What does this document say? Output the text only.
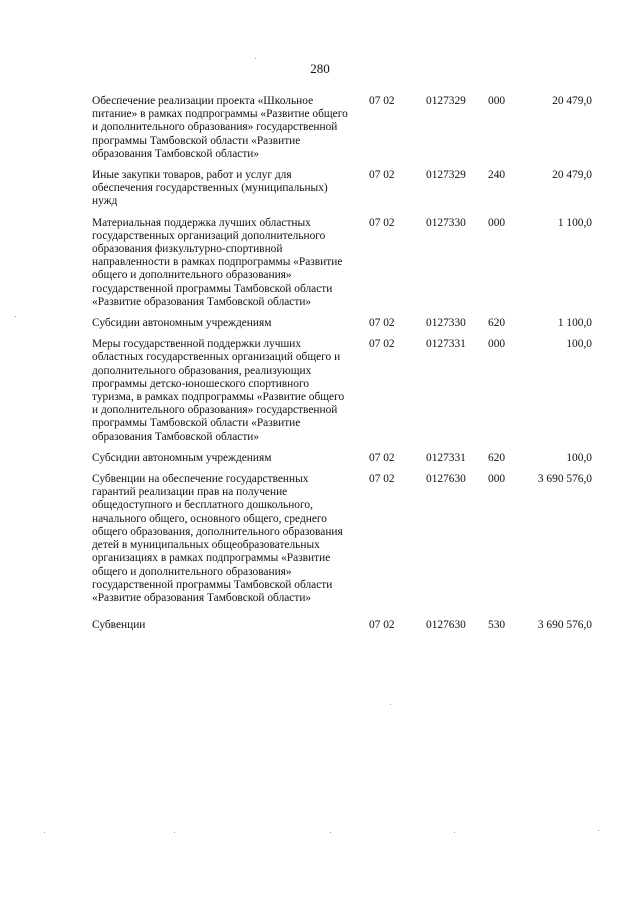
280
Обеспечение реализации проекта «Школьное питание» в рамках подпрограммы «Развитие общего и дополнительного образования» государственной программы Тамбовской области «Развитие образования Тамбовской области»	07 02	0127329	000	20 479,0
Иные закупки товаров, работ и услуг для обеспечения государственных (муниципальных) нужд	07 02	0127329	240	20 479,0
Материальная поддержка лучших областных государственных организаций дополнительного образования физкультурно-спортивной направленности в рамках подпрограммы «Развитие общего и дополнительного образования» государственной программы Тамбовской области «Развитие образования Тамбовской области»	07 02	0127330	000	1 100,0
Субсидии автономным учреждениям	07 02	0127330	620	1 100,0
Меры государственной поддержки лучших областных государственных организаций общего и дополнительного образования, реализующих программы детско-юношеского спортивного туризма, в рамках подпрограммы «Развитие общего и дополнительного образования» государственной программы Тамбовской области «Развитие образования Тамбовской области»	07 02	0127331	000	100,0
Субсидии автономным учреждениям	07 02	0127331	620	100,0
Субвенции на обеспечение государственных гарантий реализации прав на получение общедоступного и бесплатного дошкольного, начального общего, основного общего, среднего общего образования, дополнительного образования детей в муниципальных общеобразовательных организациях в рамках подпрограммы «Развитие общего и дополнительного образования» государственной программы Тамбовской области «Развитие образования Тамбовской области»	07 02	0127630	000	3 690 576,0
Субвенции	07 02	0127630	530	3 690 576,0
